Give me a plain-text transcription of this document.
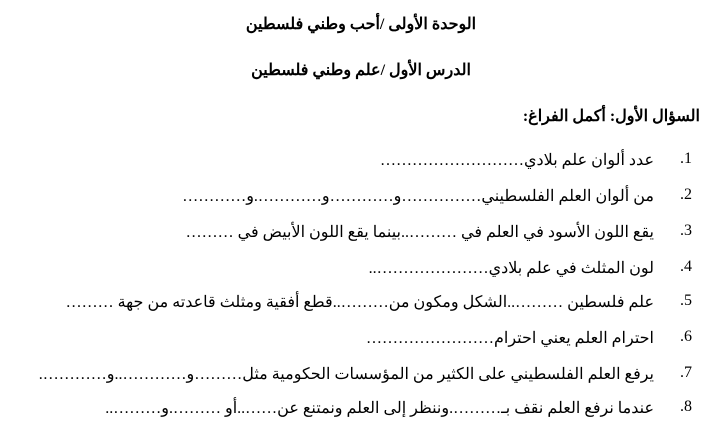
الوحدة الأولى /أحب وطني فلسطين
الدرس الأول /علم وطني فلسطين
السؤال الأول: أكمل الفراغ:
.1
عدد ألوان علم بلادي………………………
.2
من ألوان العلم الفلسطيني……………و…………و………….و…………
.3
يقع اللون الأسود في العلم في ………..بينما يقع اللون الأبيض في ………
.4
لون المثلث في علم بلادي…………………..
.5
علم فلسطين ………..الشكل ومكون من………..قطع أفقية ومثلث قاعدته من جهة ………
.6
احترام العلم يعني احترام……………………
.7
يرفع العلم الفلسطيني على الكثير من المؤسسات الحكومية مثل………و…………..و………….
.8
عندما نرفع العلم نقف بـ……….وننظر إلى العلم ونمتنع عن……..أو ……….و………..
